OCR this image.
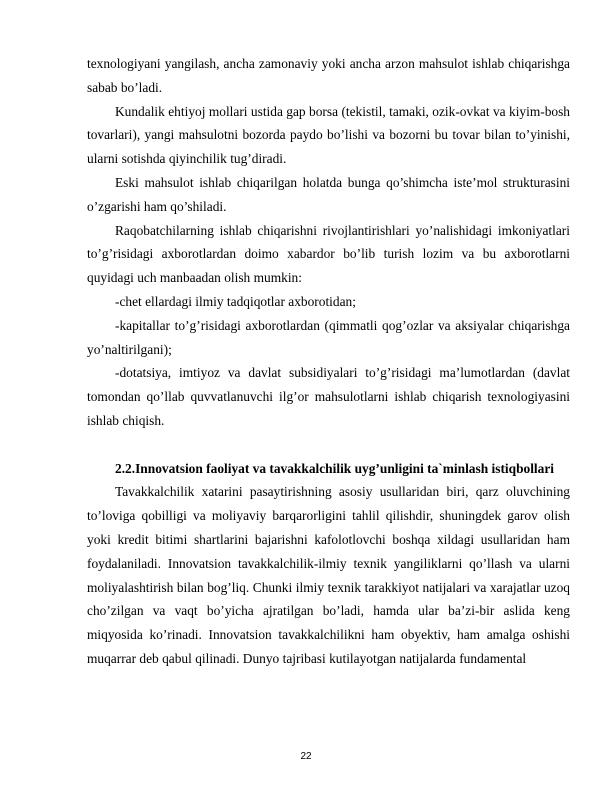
texnologiyani yangilash, ancha zamonaviy yoki ancha arzon mahsulot ishlab chiqarishga sabab bo’ladi.

Kundalik ehtiyoj mollari ustida gap borsa (tekistil, tamaki, ozik-ovkat va kiyim-bosh tovarlari), yangi mahsulotni bozorda paydo bo’lishi va bozorni bu tovar bilan to’yinishi, ularni sotishda qiyinchilik tug’diradi.

Eski mahsulot ishlab chiqarilgan holatda bunga qo’shimcha iste’mol strukturasini o’zgarishi ham qo’shiladi.

Raqobatchilarning ishlab chiqarishni rivojlantirishlari yo’nalishidagi imkoniyatlari to’g’risidagi axborotlardan doimo xabardor bo’lib turish lozim va bu axborotlarni quyidagi uch manbaadan olish mumkin:

-chet ellardagi ilmiy tadqiqotlar axborotidan;

-kapitallar to’g’risidagi axborotlardan (qimmatli qog’ozlar va aksiyalar chiqarishga yo’naltirilgani);

-dotatsiya, imtiyoz va davlat subsidiyalari to’g’risidagi ma’lumotlardan (davlat tomondan qo’llab quvvatlanuvchi ilg’or mahsulotlarni ishlab chiqarish texnologiyasini ishlab chiqish.

2.2.Innovatsion faoliyat va tavakkalchilik uyg’unligini ta`minlash istiqbollari

Tavakkalchilik xatarini pasaytirishning asosiy usullaridan biri, qarz oluvchining to’loviga qobilligi va moliyaviy barqarorligini tahlil qilishdir, shuningdek garov olish yoki kredit bitimi shartlarini bajarishni kafolotlovchi boshqa xildagi usullaridan ham foydalaniladi. Innovatsion tavakkalchilik-ilmiy texnik yangiliklarni qo’llash va ularni moliyalashtirish bilan bog’liq. Chunki ilmiy texnik tarakkiyot natijalari va xarajatlar uzoq cho’zilgan va vaqt bo’yicha ajratilgan bo’ladi, hamda ular ba’zi-bir aslida keng miqyosida ko’rinadi. Innovatsion tavakkalchilikni ham obyektiv, ham amalga oshishi muqarrar deb qabul qilinadi. Dunyo tajribasi kutilayotgan natijalarda fundamental

22
